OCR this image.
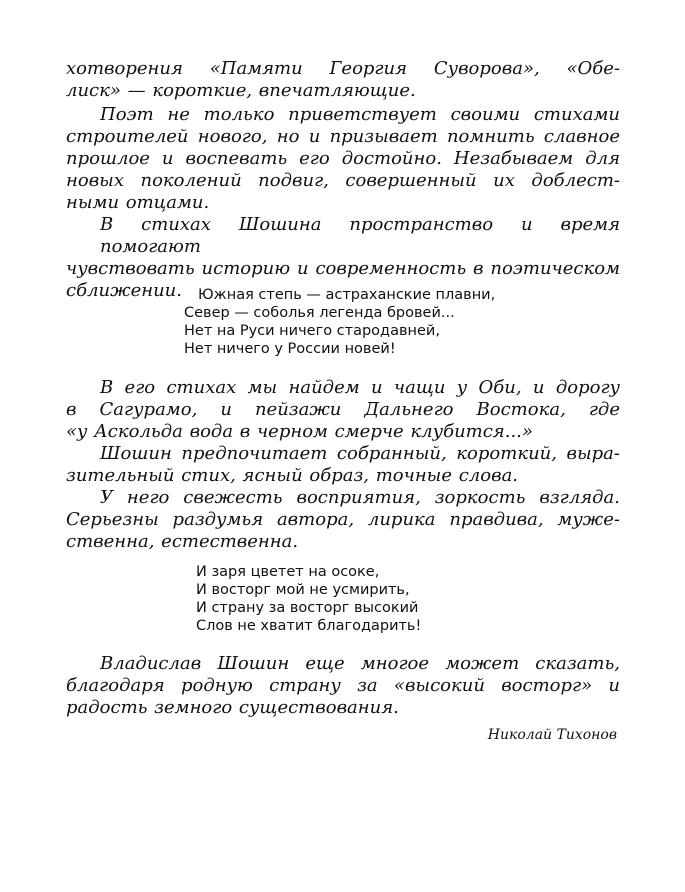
хотворения «Памяти Георгия Суворова», «Обе-
лиск» — короткие, впечатляющие.
Поэт не только приветствует своими стихами
строителей нового, но и призывает помнить славное
прошлое и воспевать его достойно. Незабываем для
новых поколений подвиг, совершенный их доблест-
ными отцами.
В стихах Шошина пространство и время помогают
чувствовать историю и современность в поэтическом
сближении.	Южная степь — астраханские плавни,
Север — соболья легенда бровей...
Нет на Руси ничего стародавней,
Нет ничего у России новей!
В его стихах мы найдем и чащи у Оби, и дорогу
в Сагурамо, и пейзажи Дальнего Востока, где
«у Аскольда вода в черном смерче клубится...»
Шошин предпочитает собранный, короткий, выра-
зительный стих, ясный образ, точные слова.
У него свежесть восприятия, зоркость взгляда.
Серьезны раздумья автора, лирика правдива, муже-
ственна, естественна.
И заря цветет на осоке,
И восторг мой не усмирить,
И страну за восторг высокий
Слов не хватит благодарить!
Владислав Шошин еще многое может сказать,
благодаря родную страну за «высокий восторг» и
радость земного существования.
Николай Тихонов
